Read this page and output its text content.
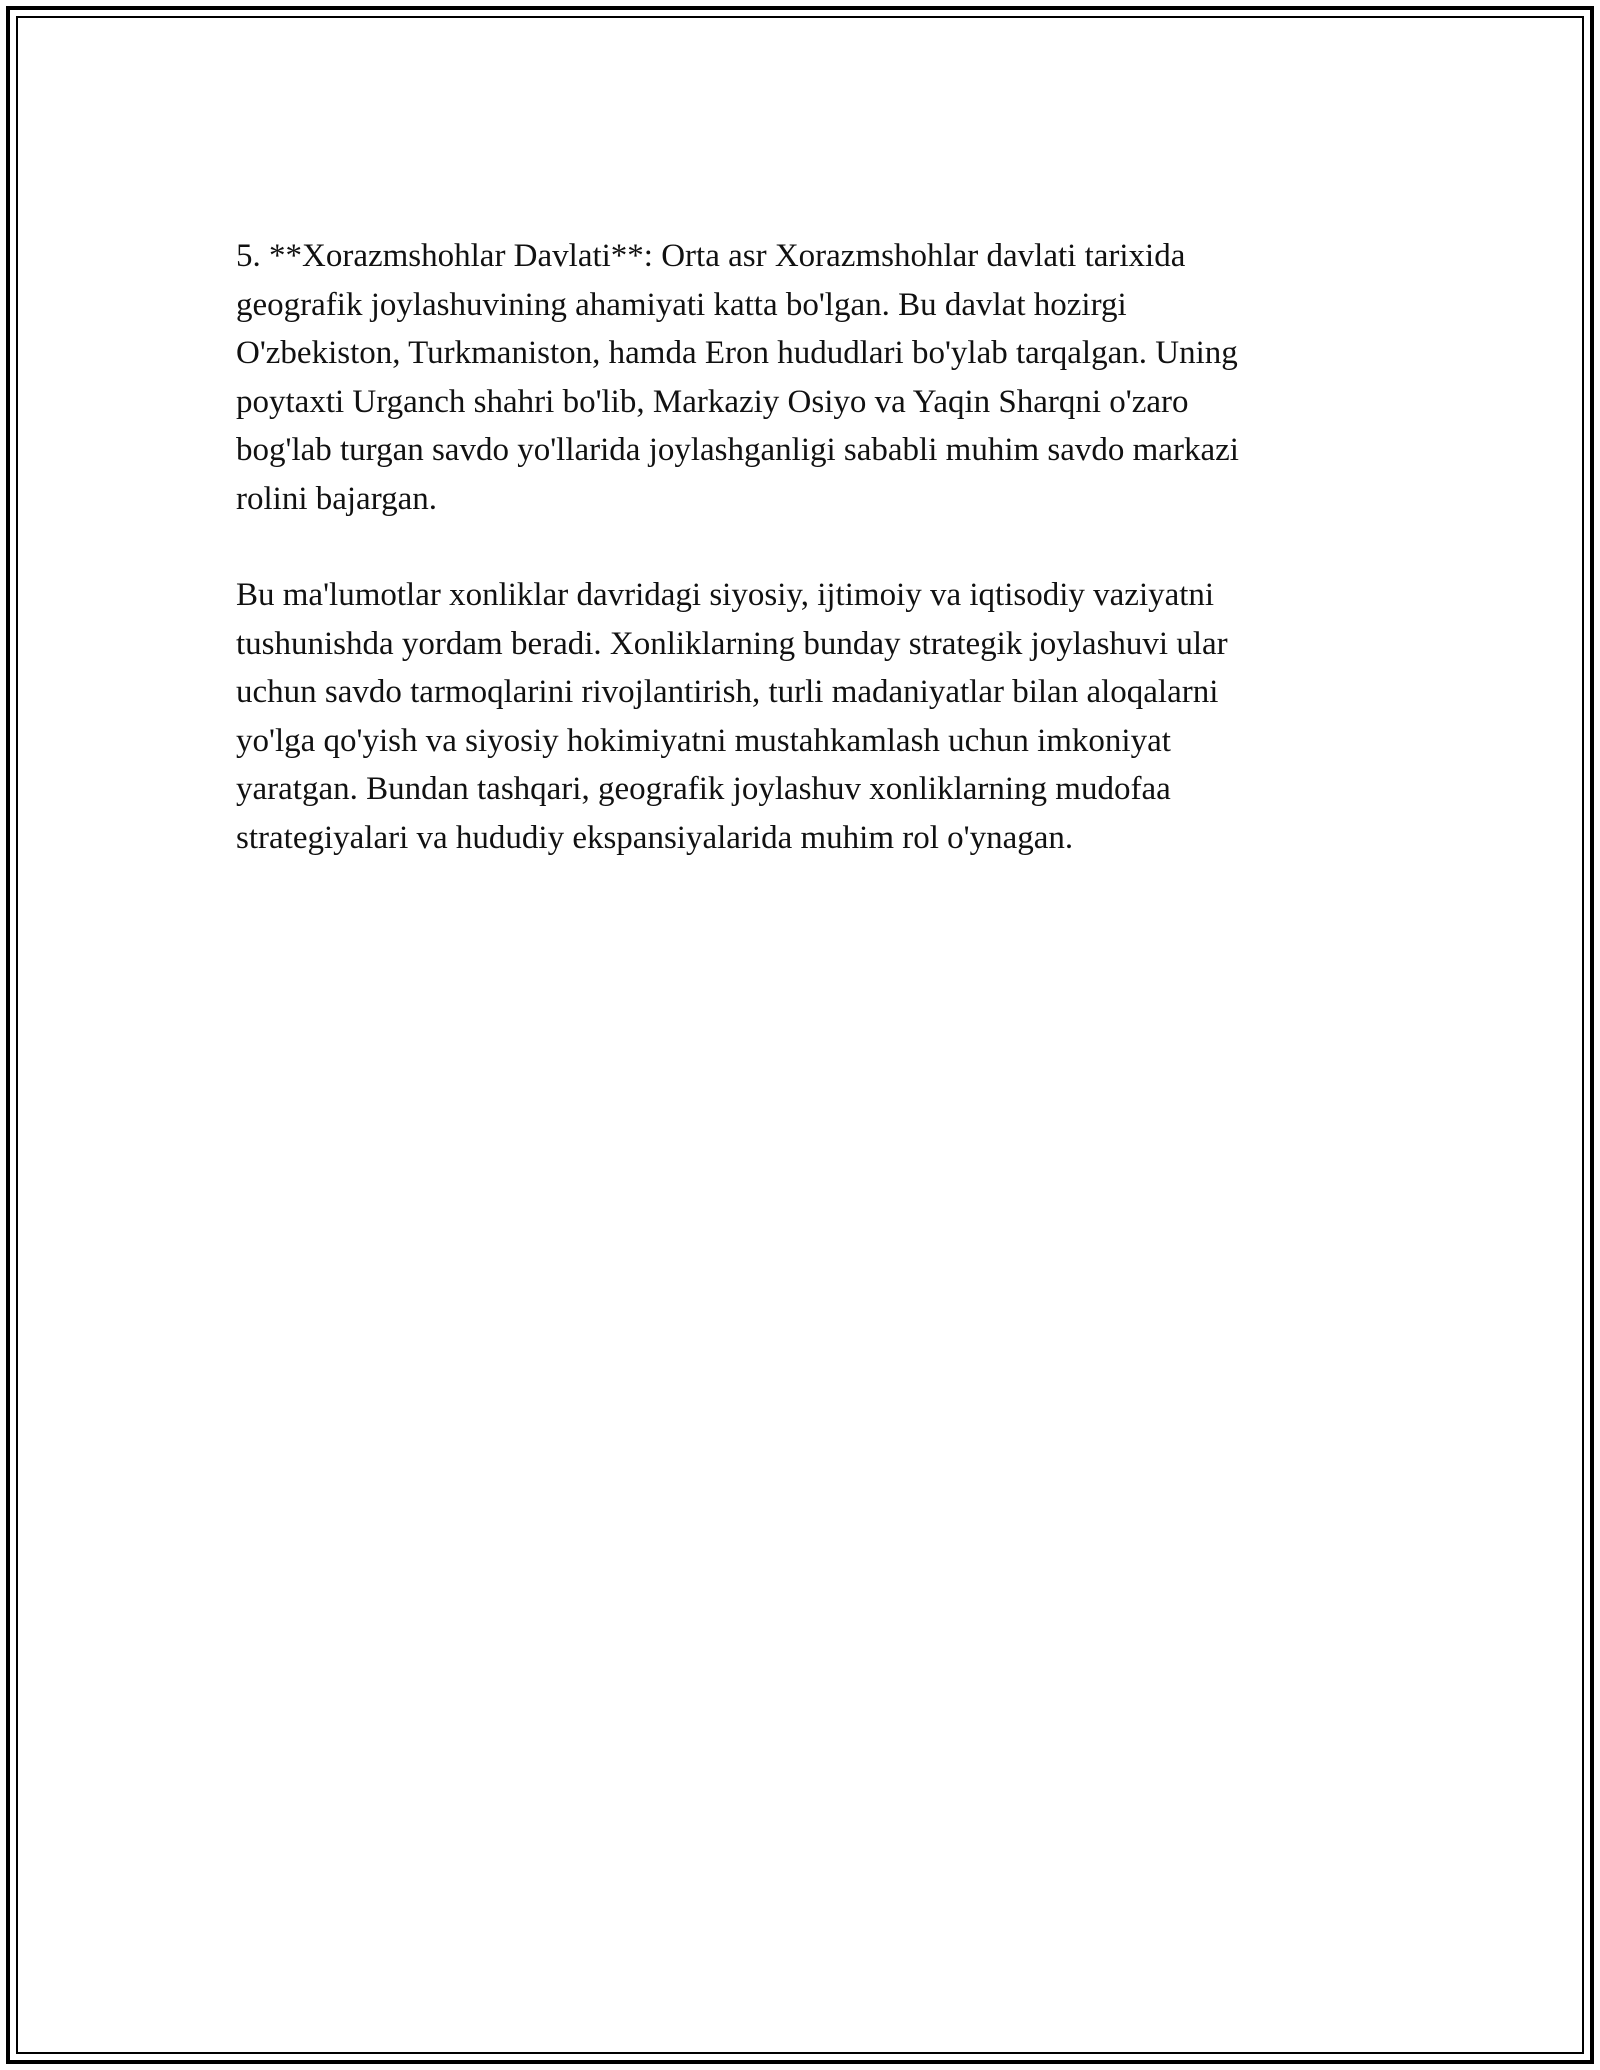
5. **Xorazmshohlar Davlati**: Orta asr Xorazmshohlar davlati tarixida
geografik joylashuvining ahamiyati katta bo'lgan. Bu davlat hozirgi
O'zbekiston, Turkmaniston, hamda Eron hududlari bo'ylab tarqalgan. Uning
poytaxti Urganch shahri bo'lib, Markaziy Osiyo va Yaqin Sharqni o'zaro
bog'lab turgan savdo yo'llarida joylashganligi sababli muhim savdo markazi
rolini bajargan.

Bu ma'lumotlar xonliklar davridagi siyosiy, ijtimoiy va iqtisodiy vaziyatni
tushunishda yordam beradi. Xonliklarning bunday strategik joylashuvi ular
uchun savdo tarmoqlarini rivojlantirish, turli madaniyatlar bilan aloqalarni
yo'lga qo'yish va siyosiy hokimiyatni mustahkamlash uchun imkoniyat
yaratgan. Bundan tashqari, geografik joylashuv xonliklarning mudofaa
strategiyalari va hududiy ekspansiyalarida muhim rol o'ynagan.
